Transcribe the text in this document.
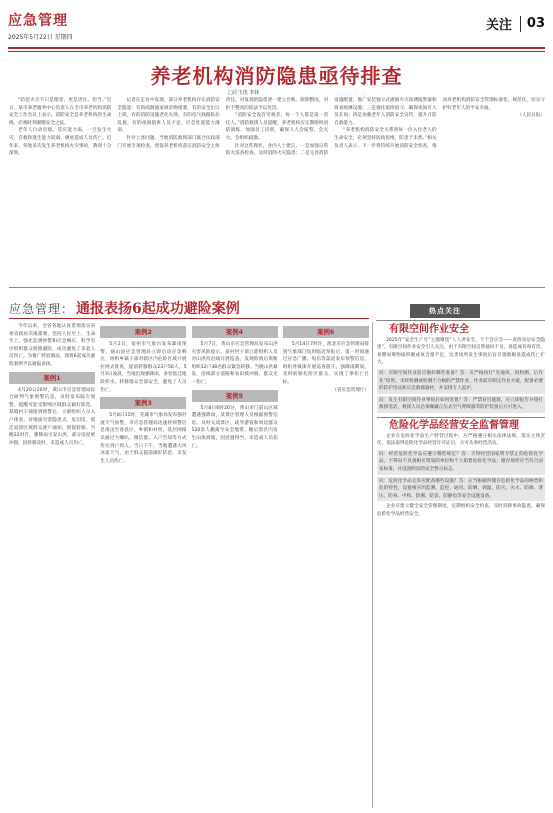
应急管理
2025年5月22日 星期四
关注 03
养老机构消防隐患亟待排查
□许玉莲 李林

“防范火灾不只是理念，更是责任、担当。”近日，某市养老服务中心负责人在全市养老机构消防安全工作会议上表示，消防安全是养老机构的生命线，必须时刻紧绷安全之弦。

老年人行动迟缓、反应能力弱，一旦发生火灾，自救和逃生能力较弱，极易造成人员伤亡。近年来，各地多次发生养老机构火灾事故，教训十分深刻。

记者在走访中发现，部分养老机构存在消防安全隐患：有的疏散通道被杂物堵塞，有的安全出口上锁，有的消防设施老化失效，有的电气线路私拉乱接，有的夜间值班人员不足、应急处置能力薄弱。

针对上述问题，当地消防救援部门联合民政部门开展专项检查，督促养老机构落实消防安全主体责任，对发现的隐患逐一建立台账、限期整改，对拒不整改的依法予以处罚。

“消防安全没有旁观者，每一个人都是第一责任人。”消防救援人员提醒，养老机构应定期组织消防演练，加强员工培训，确保人人会报警、会灭火、会组织疏散。

针对这些现状，业内人士建议，一是加强日常防火巡查检查，及时消除火灾隐患；二是完善消防设施配置，推广安装独立式感烟火灾探测报警器和简易喷淋设施；三是强化值班值守，确保夜间有人员在岗；四是加强老年人消防安全宣传，提升自防自救能力。

“养老机构消防安全关系到每一位入住老人的生命安全，必须坚持底线思维，防患于未然。”相关负责人表示，下一步将持续开展消防安全检查，推动养老机构消防安全管理标准化、规范化，切实守护好老年人的平安幸福。

（人民日报）

应急管理： 通报表扬6起成功避险案例	热点关注

今年以来，全省各地认真贯彻落实省委省政府决策部署，坚持人民至上、生命至上，强化监测预警和应急响应，科学有序组织群众转移避险，成功避免了多起人员伤亡。为推广经验做法，现将6起成功避险案例予以通报表扬。

案例1

4月20日20时，黄山市应急管理局综合研判气象预警信息，及时发布临灾预警，提醒可能受影响区域群众做好防范。某镇村干部接到预警后，立即组织人员入户排查，对地质灾害隐患点、危旧房、低洼易涝区域群众逐户通知，督促转移。当晚22时许，强降雨引发山洪，部分房屋被冲毁，因转移及时，未造成人员伤亡。

案例2

5月2日，宿州市气象台发布暴雨预警，砀山县应急管理局立即启动应急响应，组织乡镇干部对辖区内危险区域开展拉网式排查，提前转移群众23户56人。5月3日凌晨，当地出现强降雨，多处低洼地段积水，转移群众全部安全，避免了人员伤亡。

案例3

5月8日11时，芜湖市气象局发布强对流天气预警，市应急管理局迅速将预警信息推送至各县区、乡镇和村组，基层网格员通过大喇叭、微信群、入户告知等方式传达到户到人。当日下午，当地遭遇大风冰雹天气，由于群众提前做好防范，未发生人员伤亡。

案例4

5月7日，黄山市应急管理局发布山洪灾害风险提示，某村村干部立即组织人员对山洪沟沿线开展巡查，发现险情后果断组织12户38名群众紧急转移。当晚山洪暴发，沿线部分道路和农田被冲毁，群众无一伤亡。

案例5

5月8日6时20分，黄山市门前山区域遭遇强降雨，某景区管理人员根据预警信息，及时关闭景区，疏导游客和周边群众120余人撤离至安全地带。随后景区内发生山体滑坡，因处置得当，未造成人员伤亡。

案例6

5月14日7时许，淮北市应急管理局接到气象部门短时临近预报后，第一时间通过应急广播、短信等渠道发布预警信息，组织各镇街开展巡查值守。强降雨期间，及时转移危险区群众，实现了零伤亡目标。

（省应急管理厅）

有限空间作业安全

2025年“安全生产月”主题聚焦“人人讲安全、个个会应急——查找身边安全隐患”。有限空间作业安全引人关注。由于有限空间自然通风不良，易造成有毒有害、易燃易爆物质积聚或氧含量不足，这类场所发生事故后盲目施救极易造成伤亡扩大。

问：有限空间作业前应做好哪些准备？答：应严格执行“先通风、再检测、后作业”原则，未经检测或检测不合格的严禁作业。作业前应制定作业方案，配备必要的防护用品和应急救援器材，并安排专人监护。

问：发生有限空间作业事故后如何处置？答：严禁盲目施救，应立即报告并拨打救援电话，救援人员必须佩戴正压式空气呼吸器等防护装备后方可进入。

危险化学品经营安全监督管理

企业在危险化学品生产经营过程中，应严格遵守相关法律法规，落实主体责任。依法取得危险化学品经营许可证后，方可从事经营活动。

问：经营危险化学品应遵守哪些规定？答：不得经营国家明令禁止的危险化学品，不得向不具备相应资质的单位和个人销售危险化学品；储存场所应当符合国家标准，并设置明显的安全警示标志。

问：危险化学品仓库应配备哪些设施？答：应当根据所储存危险化学品的种类和危险特性，设置相应的监测、监控、通风、防晒、调温、防火、灭火、防爆、泄压、防毒、中和、防潮、防雷、防静电等安全设施设备。

企业应建立健全安全管理制度，定期组织安全检查，及时消除事故隐患，确保危险化学品经营安全。
